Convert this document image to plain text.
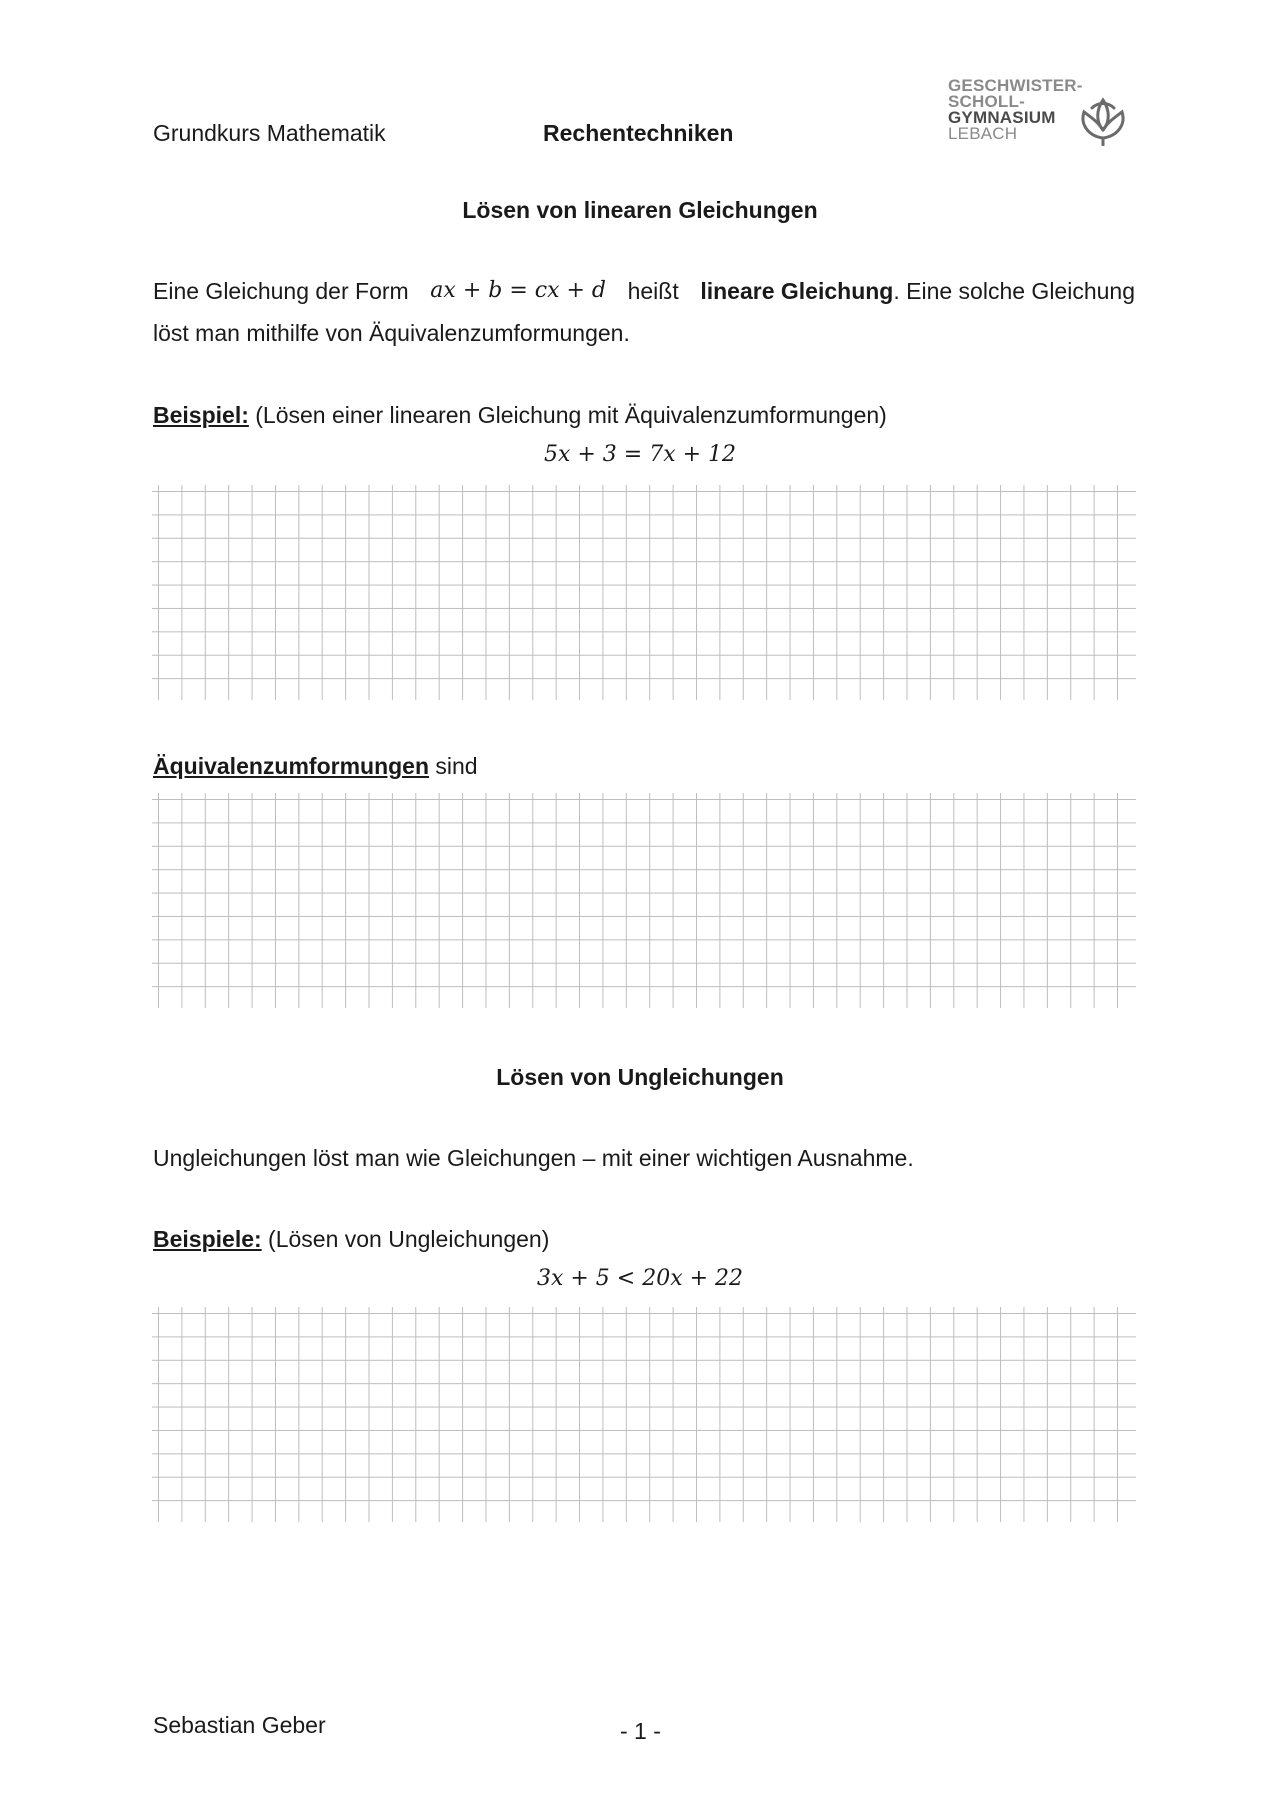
Grundkurs Mathematik	Rechentechniken
GESCHWISTER-
SCHOLL-
GYMNASIUM
LEBACH
Lösen von linearen Gleichungen
Eine Gleichung der Form ax + b = cx + d heißt lineare Gleichung. Eine solche Gleichung
löst man mithilfe von Äquivalenzumformungen.
Beispiel: (Lösen einer linearen Gleichung mit Äquivalenzumformungen)
5x + 3 = 7x + 12
Äquivalenzumformungen sind
Lösen von Ungleichungen
Ungleichungen löst man wie Gleichungen – mit einer wichtigen Ausnahme.
Beispiele: (Lösen von Ungleichungen)
3x + 5 < 20x + 22
Sebastian Geber	- 1 -
